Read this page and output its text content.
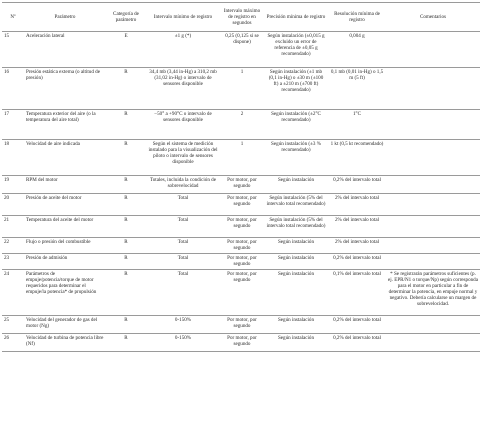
Nº	Parámetro	Categoría de parámetro	Intervalo mínimo de registro	Intervalo máximo de registro en segundos	Precisión mínima de registro	Resolución mínima de registro	Comentarios
15	Aceleración lateral	E	±1 g (*)	0,25 (0,125 si se dispone)	Según instalación (±0,015 g excluido un error de referencia de ±0,05 g recomendado)	0,004 g	
16	Presión estática externa (o altitud de presión)	R	34,4 mb (3,44 in-Hg) a 310,2 mb (31,02 in-Hg) o intervalo de sensores disponible	1	Según instalación (±1 mb (0,1 in-Hg) o ±30 m (±100 ft) a ±210 m (±700 ft) recomendado)	0,1 mb (0,01 in-Hg) o 1,5 m (5 ft)	
17	Temperatura exterior del aire (o la temperatura del aire total)	R	−50° a +90°C o intervalo de sensores disponible	2	Según instalación (±2°C recomendado)	1°C	
18	Velocidad de aire indicada	R	Según el sistema de medición instalado para la visualización del piloto o intervalo de sensores disponible	1	Según instalación (±3 % recomendado)	1 kt (0,5 kt recomendado)	
19	RPM del motor	R	Totales, incluida la condición de sobrevelocidad	Por motor, por segundo	Según instalación	0,2% del intervalo total	
20	Presión de aceite del motor	R	Total	Por motor, por segundo	Según instalación (5% del intervalo total recomendado)	2% del intervalo total	
21	Temperatura del aceite del motor	R	Total	Por motor, por segundo	Según instalación (5% del intervalo total recomendado)	2% del intervalo total	
22	Flujo o presión del combustible	R	Total	Por motor, por segundo	Según instalación	2% del intervalo total	
23	Presión de admisión	R	Total	Por motor, por segundo	Según instalación	0,2% del intervalo total	
24	Parámetros de empuje/potencia/torque de motor requeridos para determinar el empuje/la potencia* de propulsión	R	Total	Por motor, por segundo	Según instalación	0,1% del intervalo total	* Se registrarán parámetros suficientes (p. ej. EPR/N1 o torque/Np) según corresponda para el motor en particular a fin de determinar la potencia, en empuje normal y negativo. Debería calcularse un margen de sobrevelocidad.
25	Velocidad del generador de gas del motor (Ng)	R	0-150%	Por motor, por segundo	Según instalación	0,2% del intervalo total	
26	Velocidad de turbina de potencia libre (Nf)	R	0-150%	Por motor, por segundo	Según instalación	0,2% del intervalo total	
